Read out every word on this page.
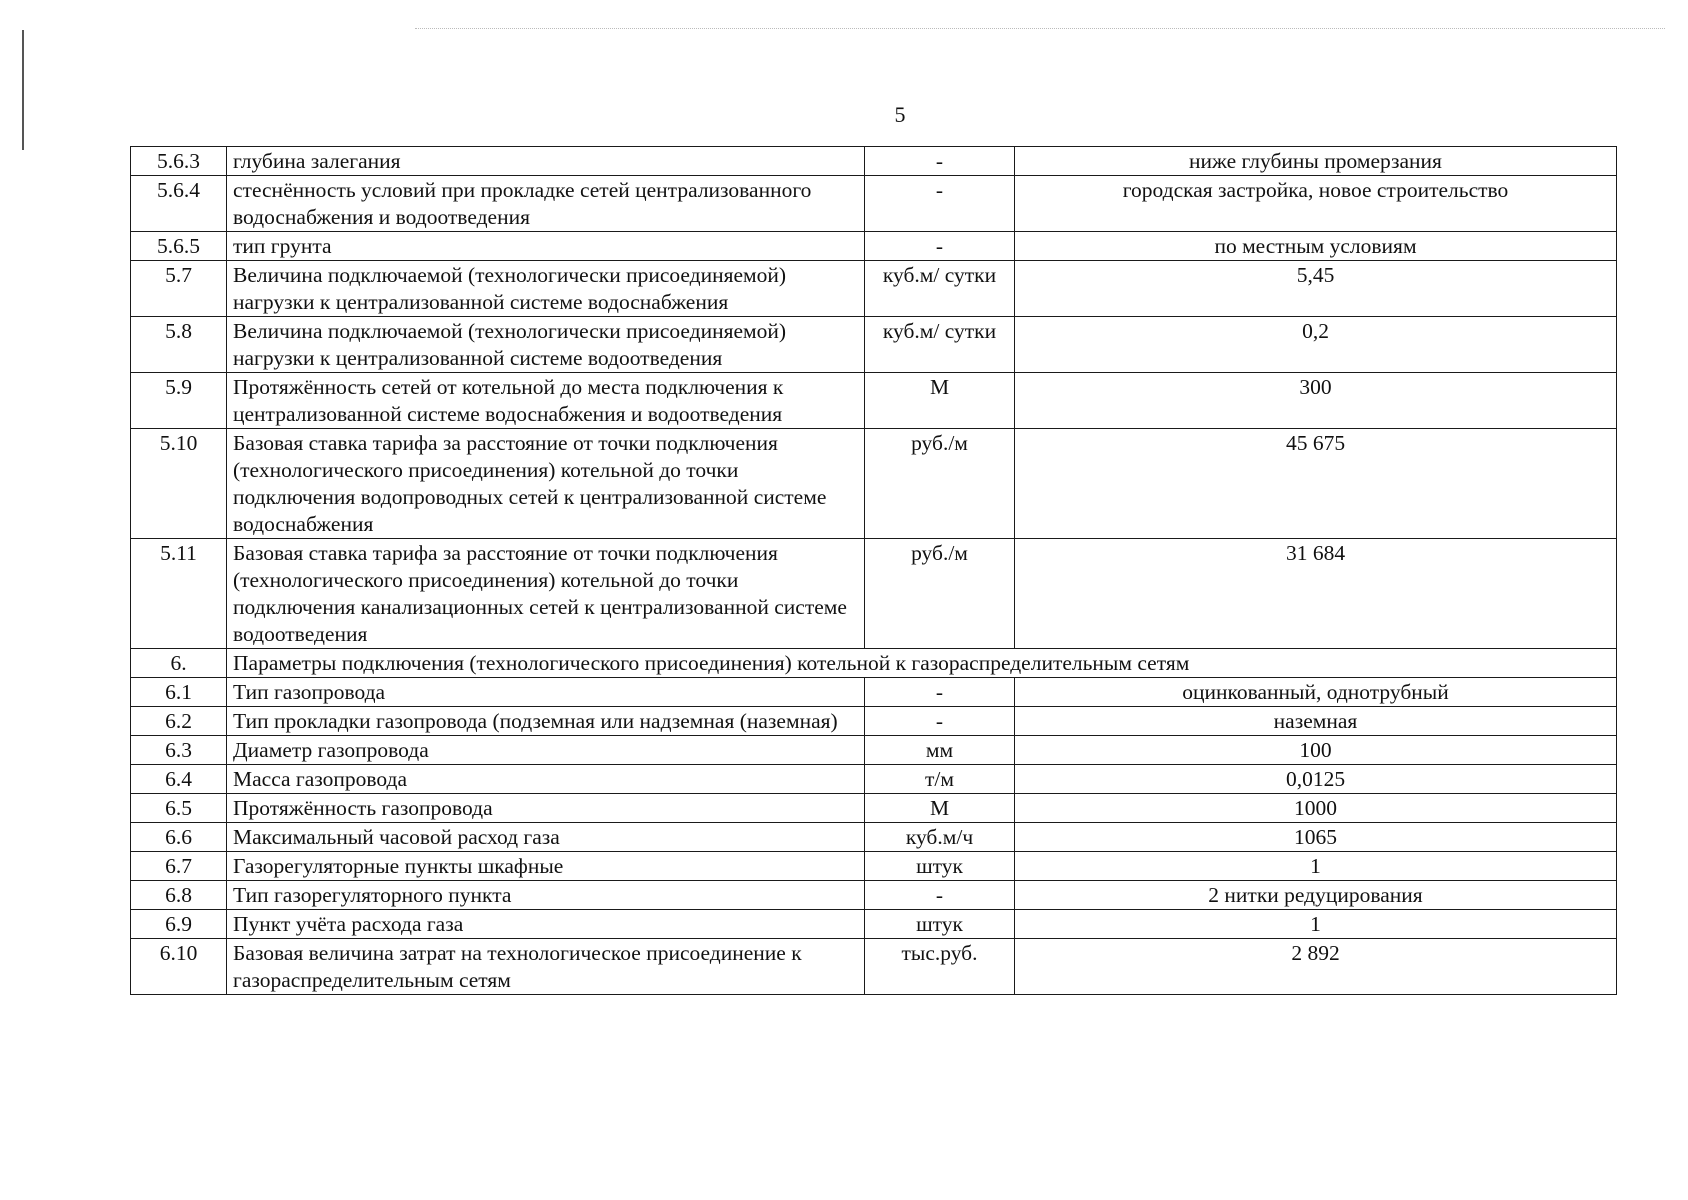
5
5.6.3	глубина залегания	-	ниже глубины промерзания
5.6.4	стеснённость условий при прокладке сетей централизованного водоснабжения и водоотведения	-	городская застройка, новое строительство
5.6.5	тип грунта	-	по местным условиям
5.7	Величина подключаемой (технологически присоединяемой) нагрузки к централизованной системе водоснабжения	куб.м/ сутки	5,45
5.8	Величина подключаемой (технологически присоединяемой) нагрузки к централизованной системе водоотведения	куб.м/ сутки	0,2
5.9	Протяжённость сетей от котельной до места подключения к централизованной системе водоснабжения и водоотведения	М	300
5.10	Базовая ставка тарифа за расстояние от точки подключения (технологического присоединения) котельной до точки подключения водопроводных сетей к централизованной системе водоснабжения	руб./м	45 675
5.11	Базовая ставка тарифа за расстояние от точки подключения (технологического присоединения) котельной до точки подключения канализационных сетей к централизованной системе водоотведения	руб./м	31 684
6.	Параметры подключения (технологического присоединения) котельной к газораспределительным сетям		
6.1	Тип газопровода	-	оцинкованный, однотрубный
6.2	Тип прокладки газопровода (подземная или надземная (наземная)	-	наземная
6.3	Диаметр газопровода	мм	100
6.4	Масса газопровода	т/м	0,0125
6.5	Протяжённость газопровода	М	1000
6.6	Максимальный часовой расход газа	куб.м/ч	1065
6.7	Газорегуляторные пункты шкафные	штук	1
6.8	Тип газорегуляторного пункта	-	2 нитки редуцирования
6.9	Пункт учёта расхода газа	штук	1
6.10	Базовая величина затрат на технологическое присоединение к газораспределительным сетям	тыс.руб.	2 892
